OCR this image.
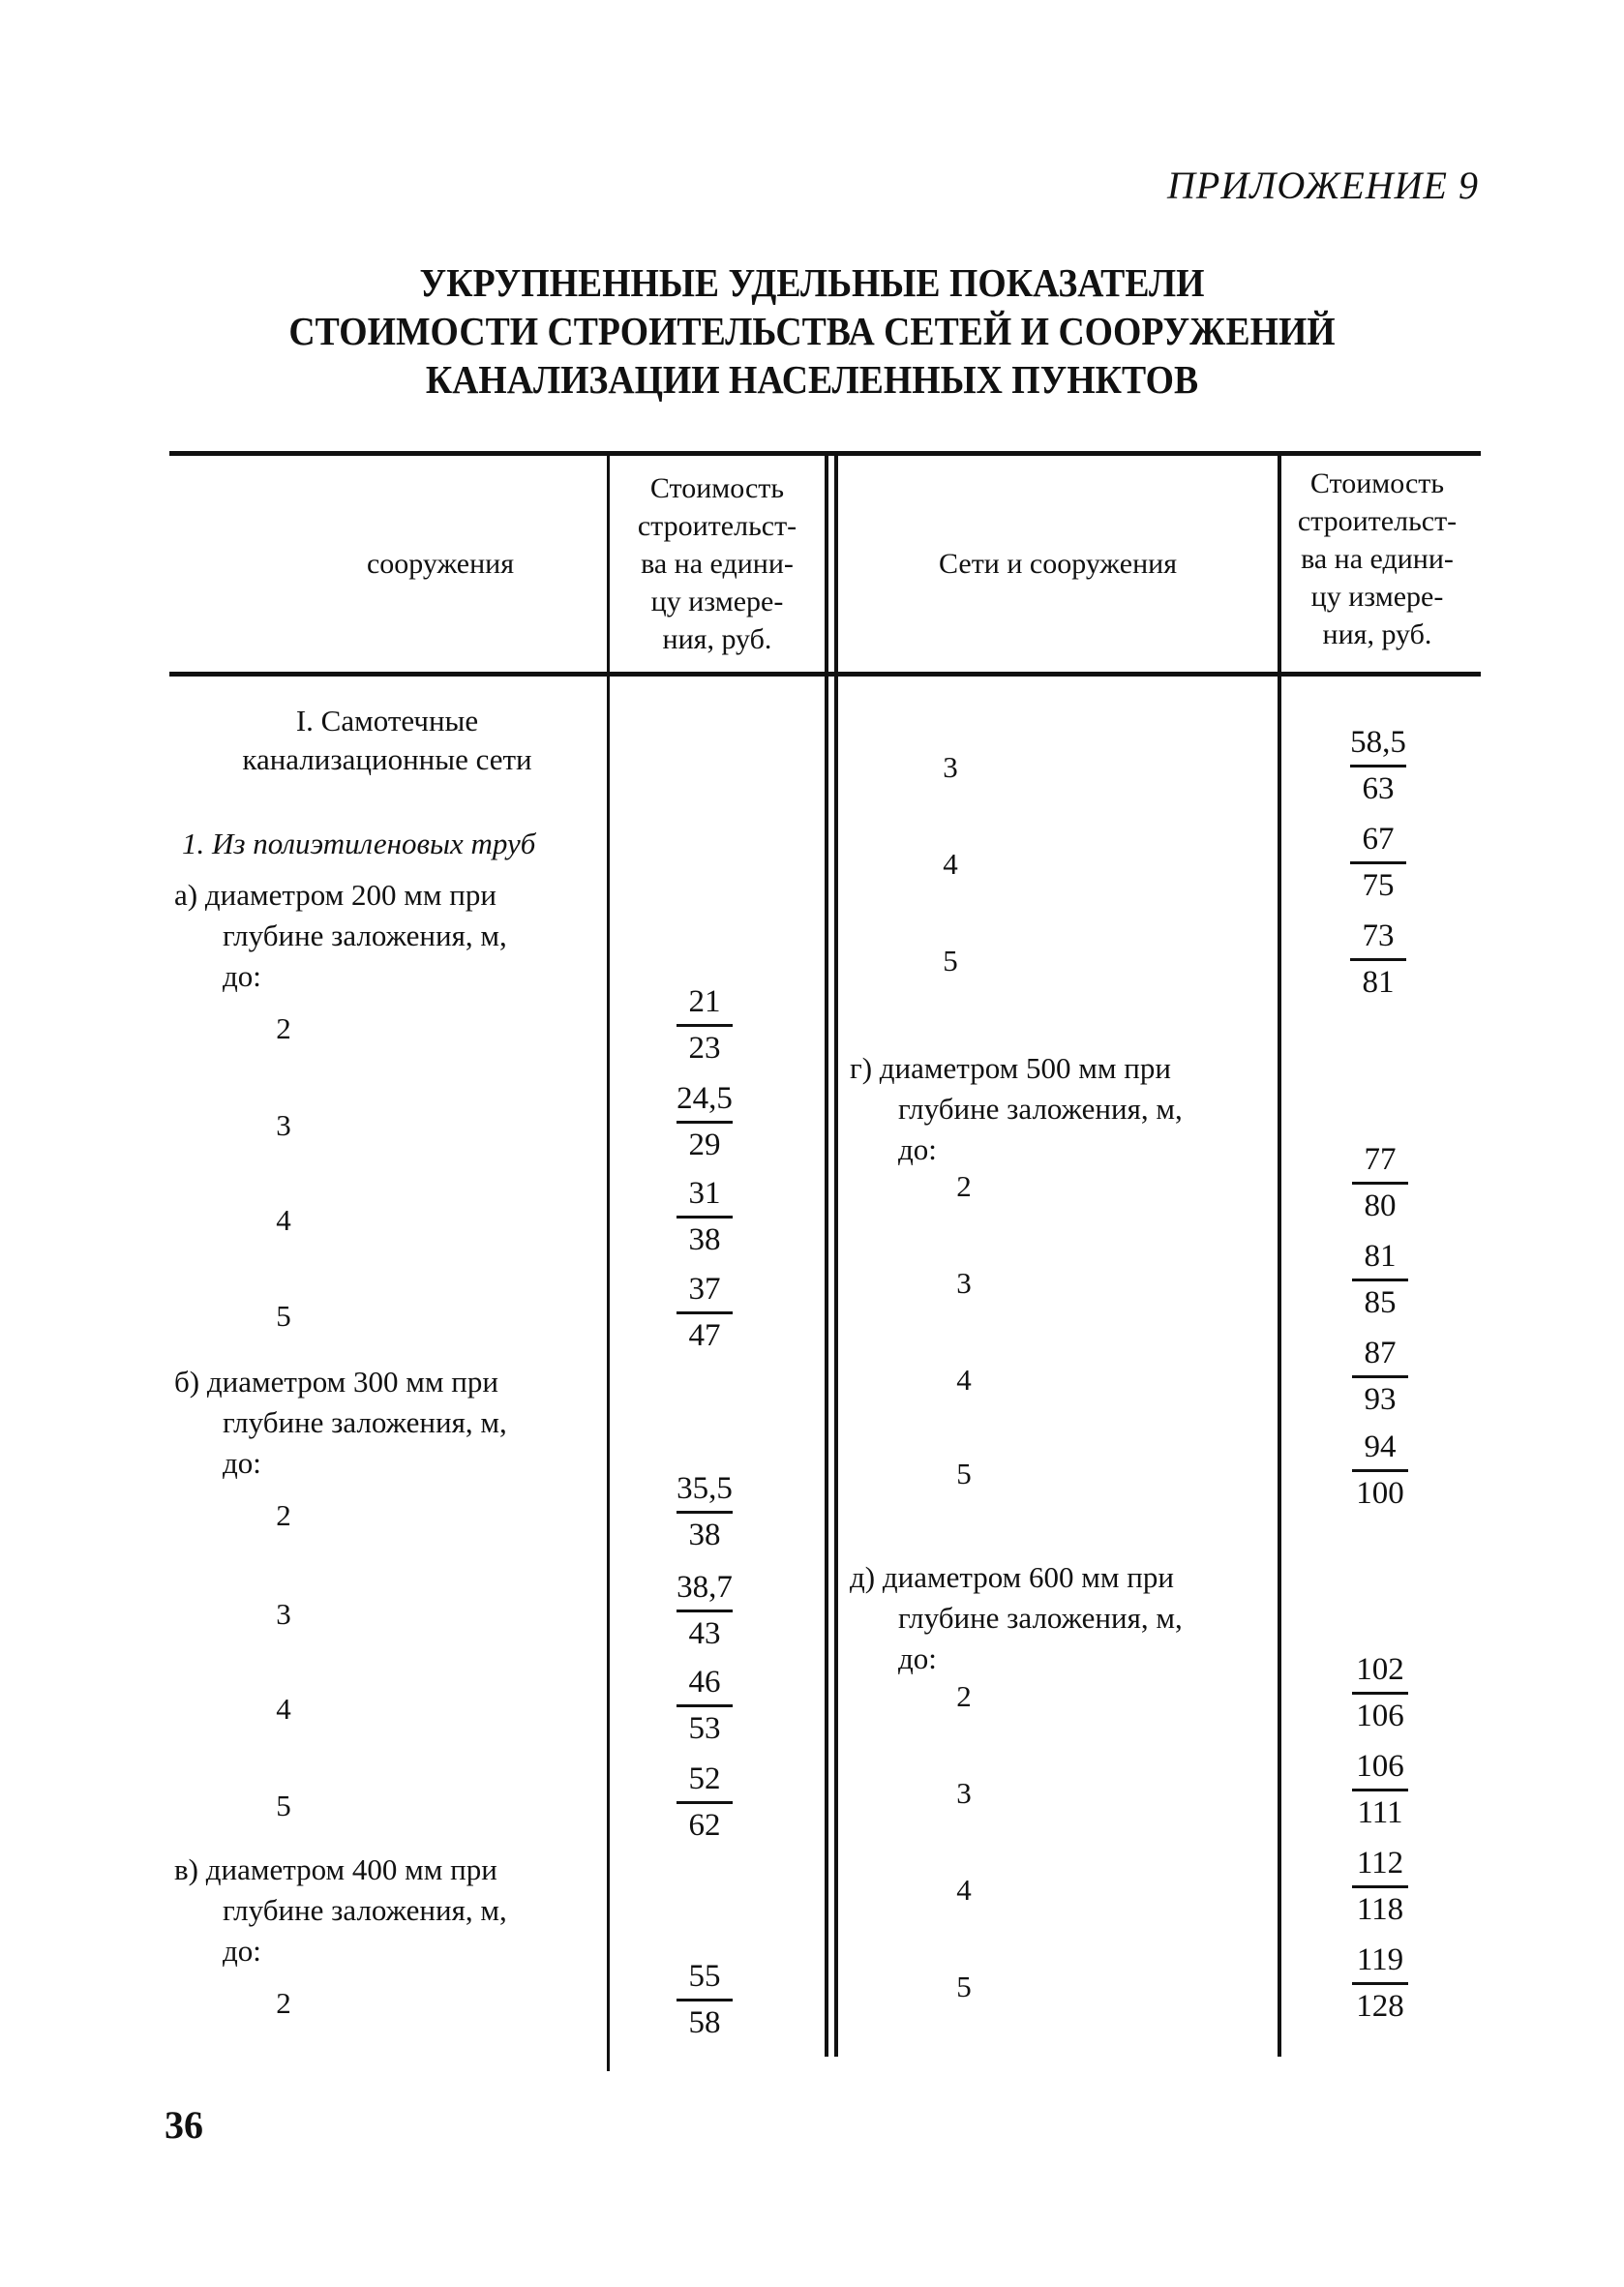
ПРИЛОЖЕНИЕ 9
УКРУПНЕННЫЕ УДЕЛЬНЫЕ ПОКАЗАТЕЛИ
СТОИМОСТИ СТРОИТЕЛЬСТВА СЕТЕЙ И СООРУЖЕНИЙ
КАНАЛИЗАЦИИ НАСЕЛЕННЫХ ПУНКТОВ
сооружения
Стоимость
строительст-
ва на едини-
цу измере-
ния, руб.
Сети и сооружения
Стоимость
строительст-
ва на едини-
цу измере-
ния, руб.
36
I. Самотечные
канализационные сети
1. Из полиэтиленовых труб
а) диаметром 200 мм при
глубине заложения, м,
до:
2
21
23
3
24,5
29
4
31
38
5
37
47
б) диаметром 300 мм при
глубине заложения, м,
до:
2
35,5
38
3
38,7
43
4
46
53
5
52
62
в) диаметром 400 мм при
глубине заложения, м,
до:
2
55
58
3
58,5
63
4
67
75
5
73
81
г) диаметром 500 мм при
глубине заложения, м,
до:
2
77
80
3
81
85
4
87
93
5
94
100
д) диаметром 600 мм при
глубине заложения, м,
до:
2
102
106
3
106
111
4
112
118
5
119
128
